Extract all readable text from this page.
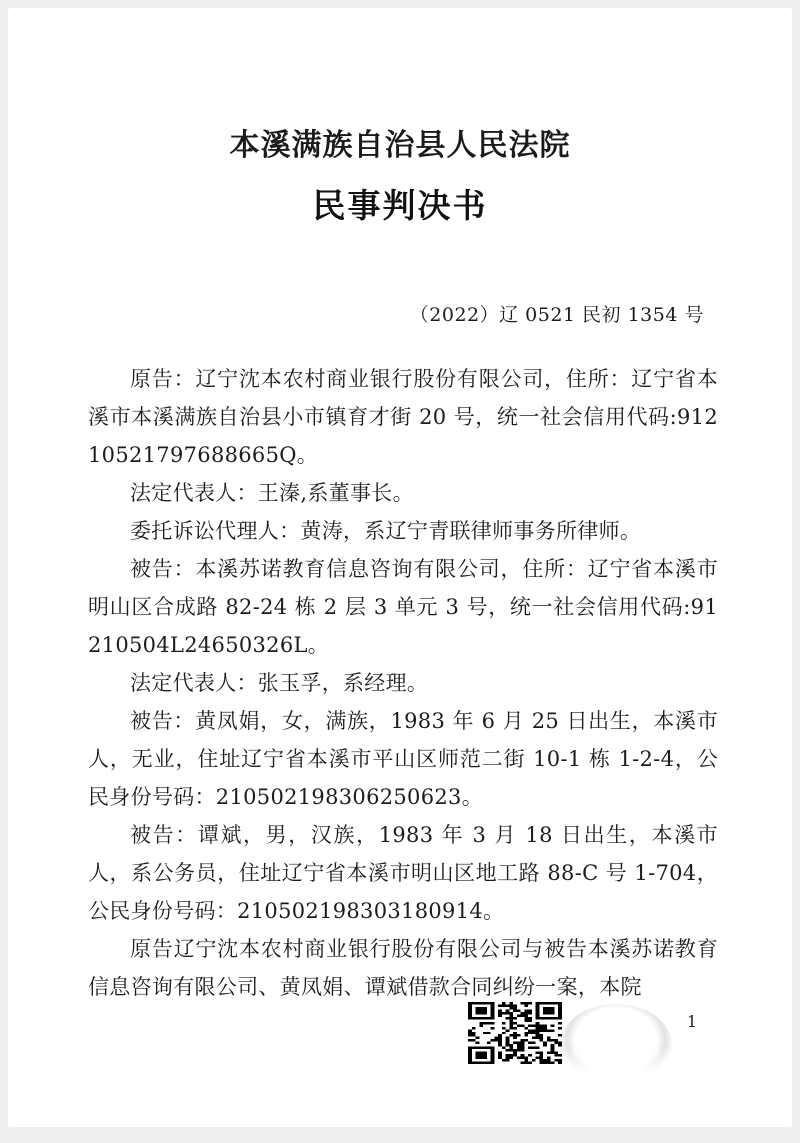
本溪满族自治县人民法院
民事判决书
（2022）辽 0521 民初 1354 号

原告：辽宁沈本农村商业银行股份有限公司，住所：辽宁省本溪市本溪满族自治县小市镇育才街 20 号，统一社会信用代码:91210521797688665Q。

法定代表人：王溱,系董事长。

委托诉讼代理人：黄涛，系辽宁青联律师事务所律师。

被告：本溪苏诺教育信息咨询有限公司，住所：辽宁省本溪市明山区合成路 82-24 栋 2 层 3 单元 3 号，统一社会信用代码:91210504L24650326L。

法定代表人：张玉孚，系经理。

被告：黄凤娟，女，满族，1983 年 6 月 25 日出生，本溪市人，无业，住址辽宁省本溪市平山区师范二街 10-1 栋 1-2-4，公民身份号码：210502198306250623。

被告：谭斌，男，汉族，1983 年 3 月 18 日出生，本溪市人，系公务员，住址辽宁省本溪市明山区地工路 88-C 号 1-704，公民身份号码：210502198303180914。

原告辽宁沈本农村商业银行股份有限公司与被告本溪苏诺教育信息咨询有限公司、黄凤娟、谭斌借款合同纠纷一案，本院

1
